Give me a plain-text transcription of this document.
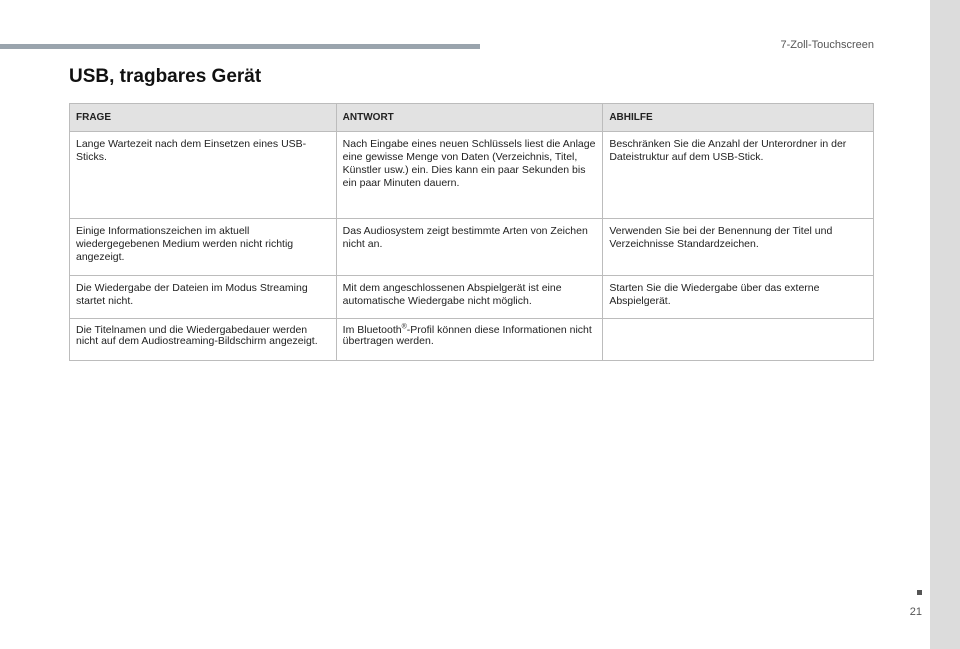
7-Zoll-Touchscreen
USB, tragbares Gerät
FRAGE	ANTWORT	ABHILFE
Lange Wartezeit nach dem Einsetzen eines USB-Sticks.	Nach Eingabe eines neuen Schlüssels liest die Anlage eine gewisse Menge von Daten (Verzeichnis, Titel, Künstler usw.) ein. Dies kann ein paar Sekunden bis ein paar Minuten dauern.	Beschränken Sie die Anzahl der Unterordner in der Dateistruktur auf dem USB-Stick.
Einige Informationszeichen im aktuell wiedergegebenen Medium werden nicht richtig angezeigt.	Das Audiosystem zeigt bestimmte Arten von Zeichen nicht an.	Verwenden Sie bei der Benennung der Titel und Verzeichnisse Standardzeichen.
Die Wiedergabe der Dateien im Modus Streaming startet nicht.	Mit dem angeschlossenen Abspielgerät ist eine automatische Wiedergabe nicht möglich.	Starten Sie die Wiedergabe über das externe Abspielgerät.
Die Titelnamen und die Wiedergabedauer werden nicht auf dem Audiostreaming-Bildschirm angezeigt.	Im Bluetooth®-Profil können diese Informationen nicht übertragen werden.	
21
